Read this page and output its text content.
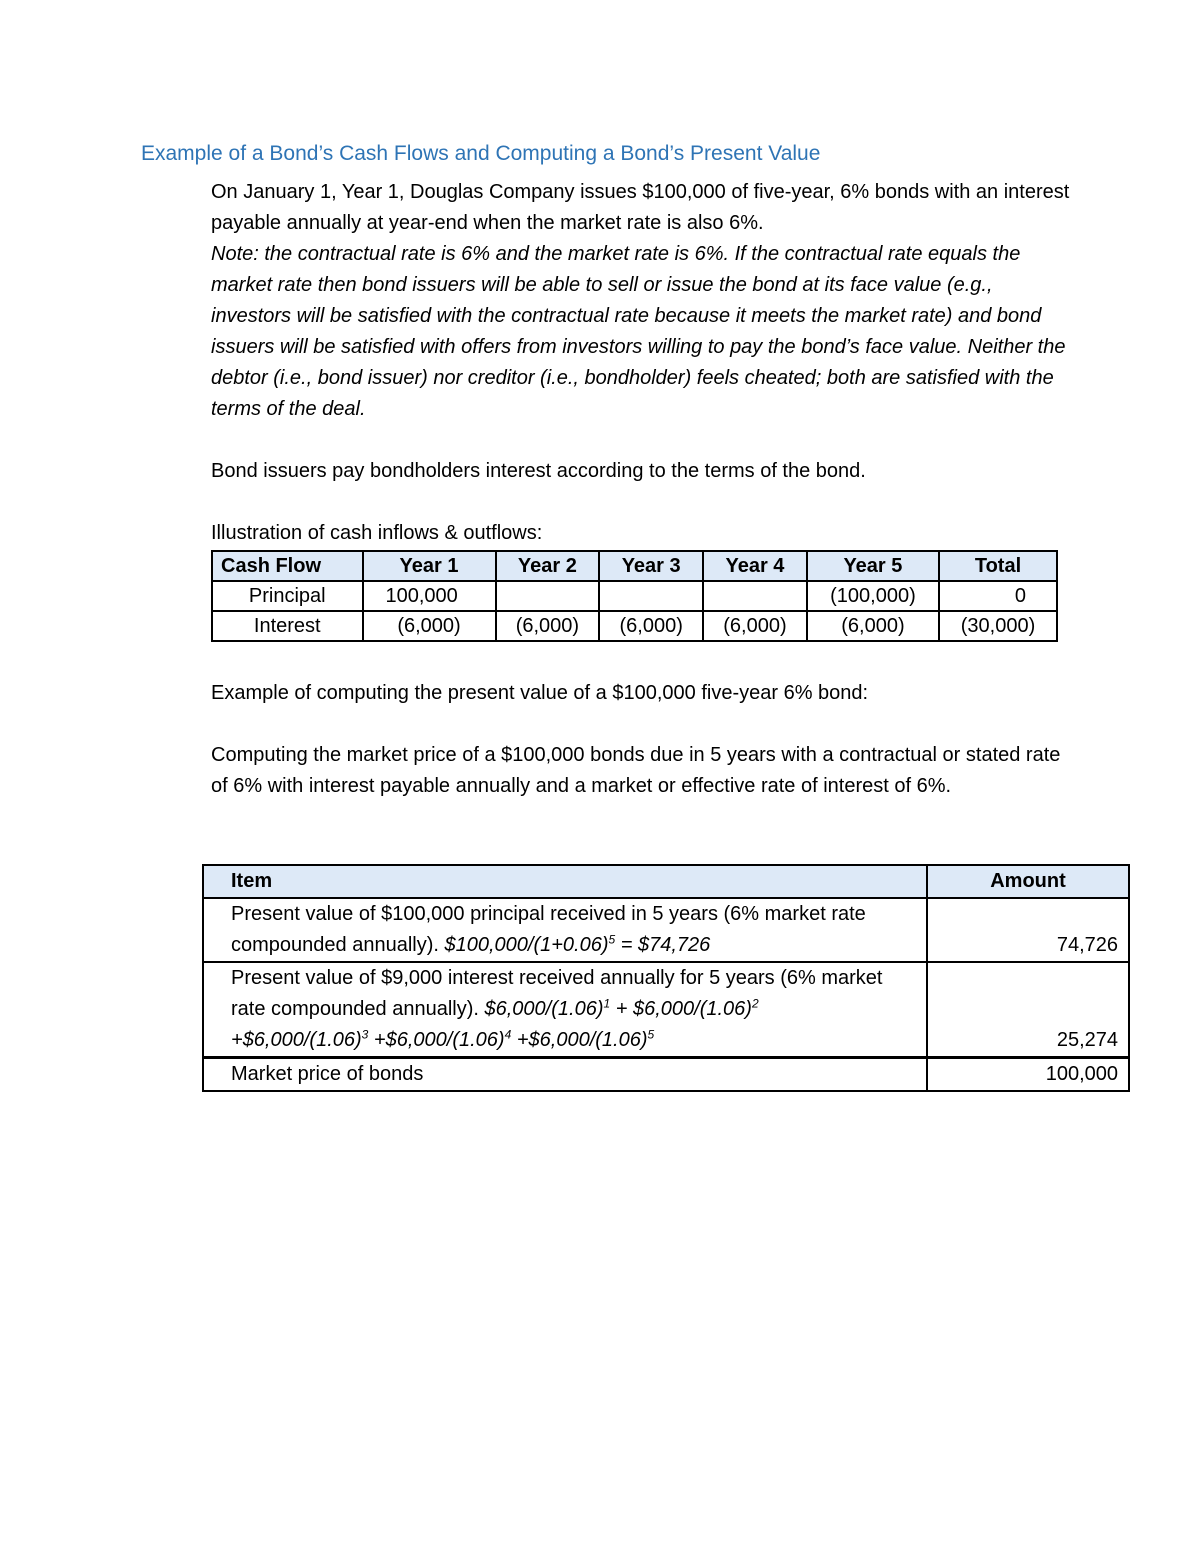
Example of a Bond’s Cash Flows and Computing a Bond’s Present Value

On January 1, Year 1, Douglas Company issues $100,000 of five-year, 6% bonds with an interest payable annually at year-end when the market rate is also 6%.

Note: the contractual rate is 6% and the market rate is 6%. If the contractual rate equals the market rate then bond issuers will be able to sell or issue the bond at its face value (e.g., investors will be satisfied with the contractual rate because it meets the market rate) and bond issuers will be satisfied with offers from investors willing to pay the bond’s face value. Neither the debtor (i.e., bond issuer) nor creditor (i.e., bondholder) feels cheated; both are satisfied with the terms of the deal.

Bond issuers pay bondholders interest according to the terms of the bond.

Illustration of cash inflows & outflows:

Cash Flow	Year 1	Year 2	Year 3	Year 4	Year 5	Total
Principal	100,000				(100,000)	0
Interest	(6,000)	(6,000)	(6,000)	(6,000)	(6,000)	(30,000)

Example of computing the present value of a $100,000 five-year 6% bond:

Computing the market price of a $100,000 bonds due in 5 years with a contractual or stated rate of 6% with interest payable annually and a market or effective rate of interest of 6%.

Item	Amount
Present value of $100,000 principal received in 5 years (6% market rate compounded annually). $\$100,000/(1+0.06)^5$ = $74,726	74,726
Present value of $9,000 interest received annually for 5 years (6% market rate compounded annually). $\$6,000/(1.06)^1$ + $\$6,000/(1.06)^2$
$+\$6,000/(1.06)^3$ $+\$6,000/(1.06)^4$ $+\$6,000/(1.06)^5$	25,274
Market price of bonds	100,000
